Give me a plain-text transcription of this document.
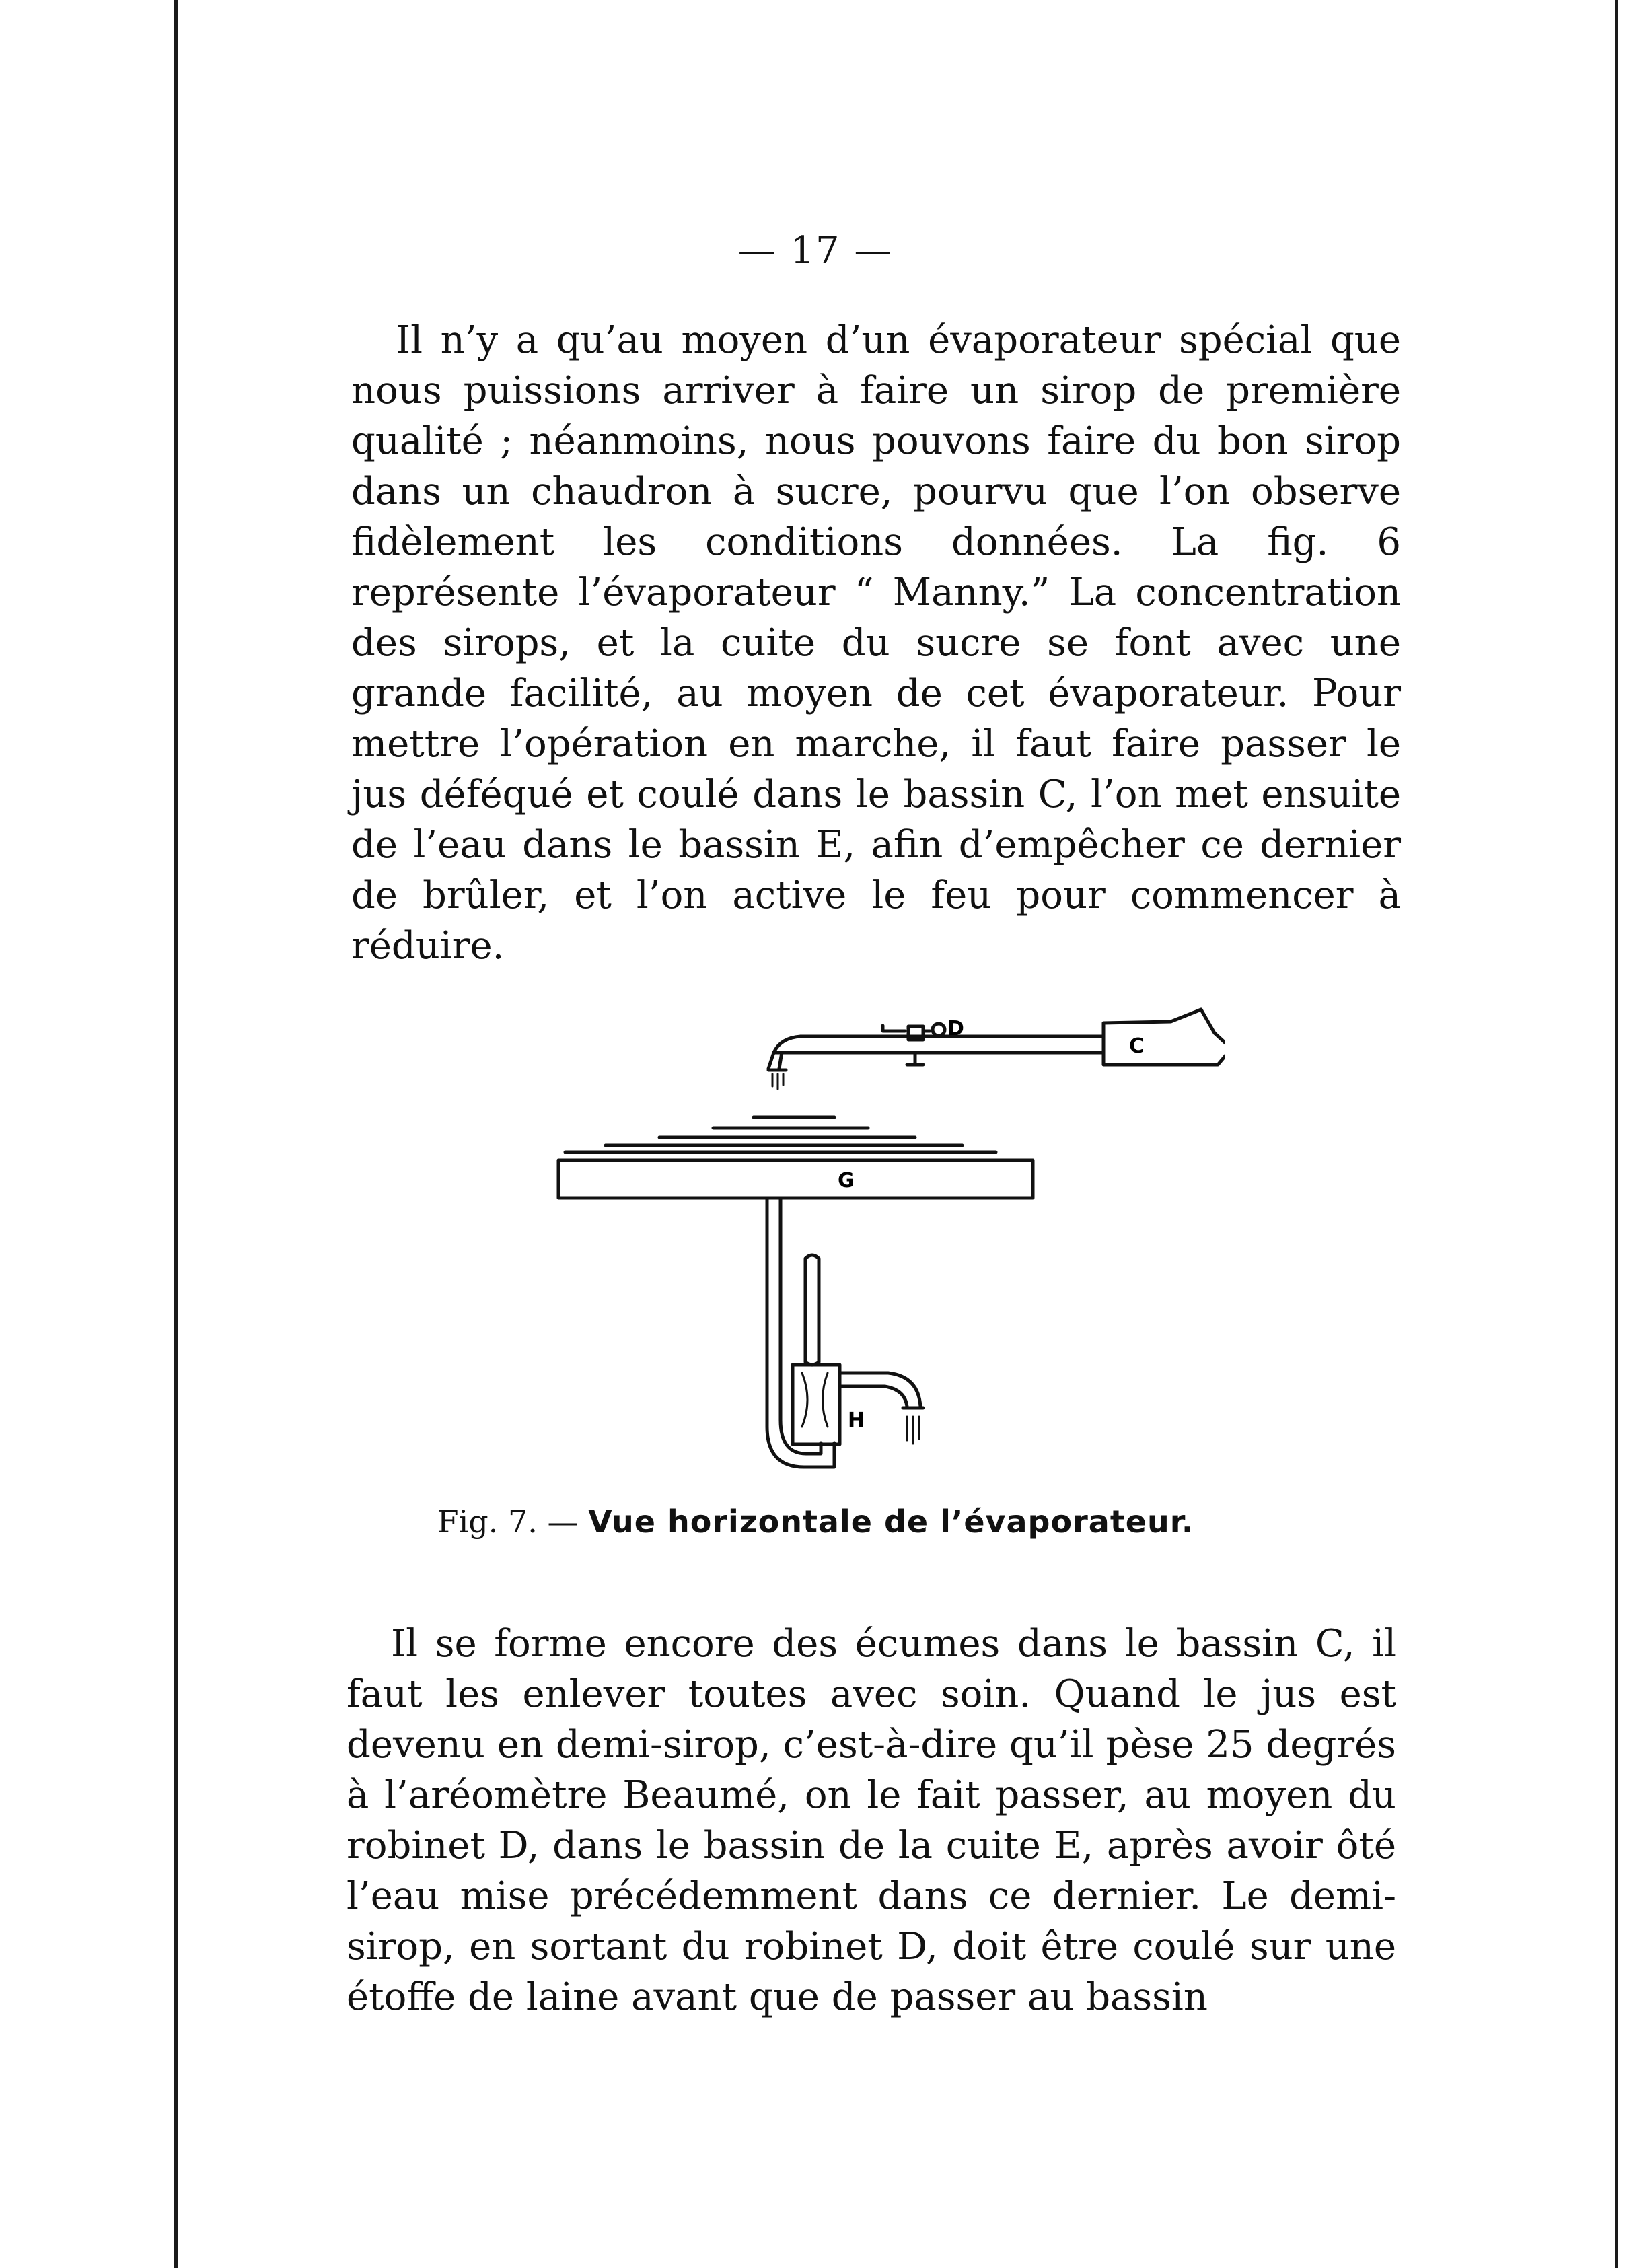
— 17 —

Il n’y a qu’au moyen d’un évaporateur spécial que nous puissions arriver à faire un sirop de première qualité ; néanmoins, nous pouvons faire du bon sirop dans un chaudron à sucre, pourvu que l’on observe fidèlement les conditions données. La fig. 6 représente l’évaporateur “ Manny.” La concentration des sirops, et la cuite du sucre se font avec une grande facilité, au moyen de cet évaporateur. Pour mettre l’opération en marche, il faut faire passer le jus déféqué et coulé dans le bassin C, l’on met ensuite de l’eau dans le bassin E, afin d’empêcher ce dernier de brûler, et l’on active le feu pour commencer à réduire.

C
D
G
H
Fig. 7. — Vue horizontale de l’évaporateur.

Il se forme encore des écumes dans le bassin C, il faut les enlever toutes avec soin. Quand le jus est devenu en demi-sirop, c’est-à-dire qu’il pèse 25 degrés à l’aréomètre Beaumé, on le fait passer, au moyen du robinet D, dans le bassin de la cuite E, après avoir ôté l’eau mise précédemment dans ce dernier. Le demi-sirop, en sortant du robinet D, doit être coulé sur une étoffe de laine avant que de passer au bassin
